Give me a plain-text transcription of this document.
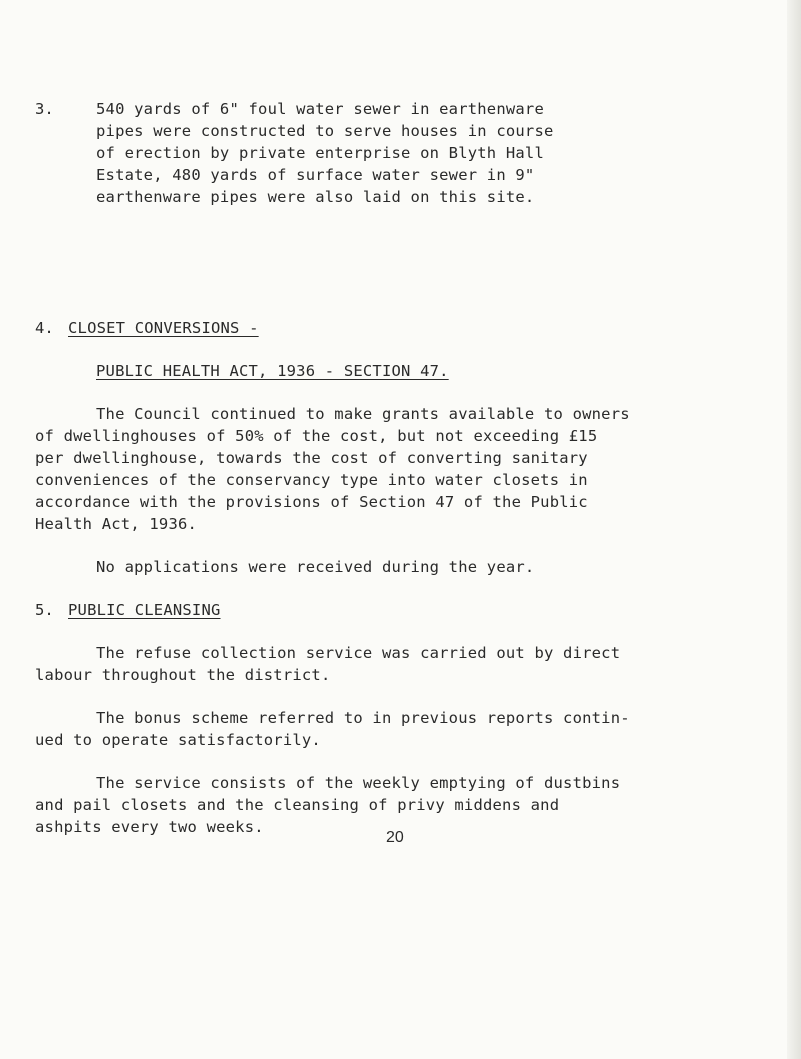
3.	540 yards of 6" foul water sewer in earthenware
pipes were constructed to serve houses in course
of erection by private enterprise on Blyth Hall
Estate, 480 yards of surface water sewer in 9"
earthenware pipes were also laid on this site.
4. CLOSET CONVERSIONS -
PUBLIC HEALTH ACT, 1936 - SECTION 47.
The Council continued to make grants available to owners
of dwellinghouses of 50% of the cost, but not exceeding £15
per dwellinghouse, towards the cost of converting sanitary
conveniences of the conservancy type into water closets in
accordance with the provisions of Section 47 of the Public
Health Act, 1936.
No applications were received during the year.
5. PUBLIC CLEANSING
The refuse collection service was carried out by direct
labour throughout the district.
The bonus scheme referred to in previous reports contin-
ued to operate satisfactorily.
The service consists of the weekly emptying of dustbins
and pail closets and the cleansing of privy middens and
ashpits every two weeks.
20
